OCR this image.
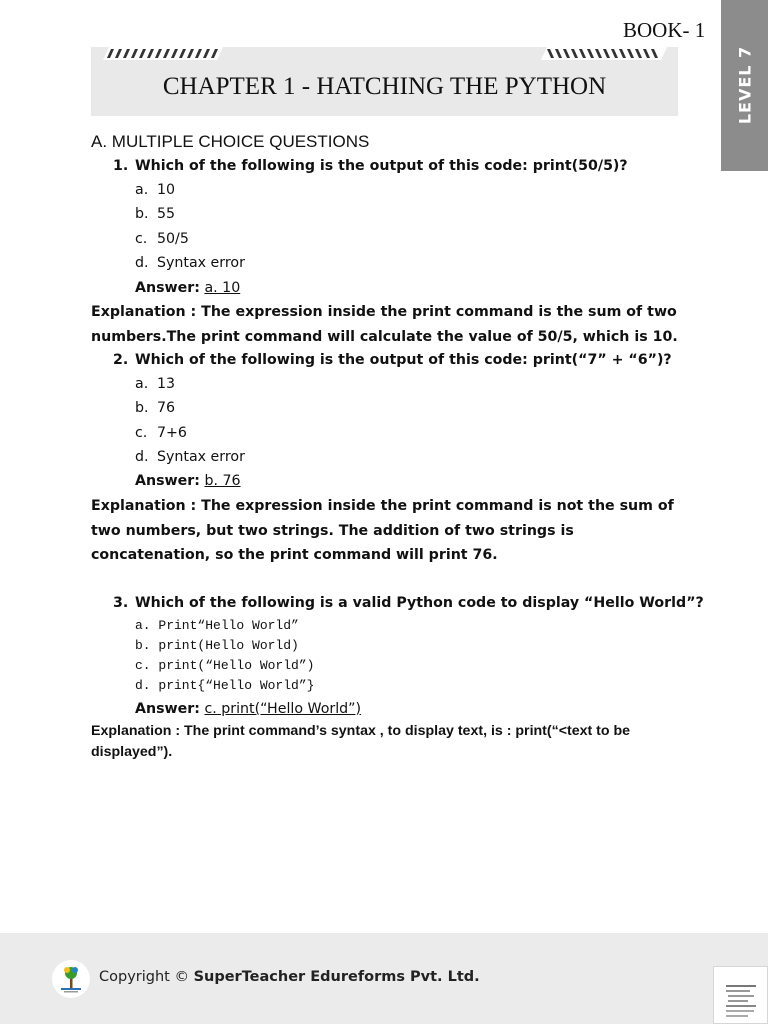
BOOK- 1
LEVEL 7
CHAPTER 1 - HATCHING THE PYTHON
A. MULTIPLE CHOICE QUESTIONS
1. Which of the following is the output of this code: print(50/5)?
a. 10
b. 55
c. 50/5
d. Syntax error
Answer: a. 10
Explanation : The expression inside the print command is the sum of two numbers.The print command will calculate the value of 50/5, which is 10.
2. Which of the following is the output of this code: print(“7” + “6”)?
a. 13
b. 76
c. 7+6
d. Syntax error
Answer: b. 76
Explanation : The expression inside the print command is not the sum of two numbers, but two strings. The addition of two strings is concatenation, so the print command will print 76.
3. Which of the following is a valid Python code to display “Hello World”?
a. Print“Hello World”
b. print(Hello World)
c. print(“Hello World”)
d. print{“Hello World”}
Answer: c. print(“Hello World”)
Explanation : The print command’s syntax , to display text, is : print(“<text to be displayed”).
Copyright © SuperTeacher Edureforms Pvt. Ltd.
